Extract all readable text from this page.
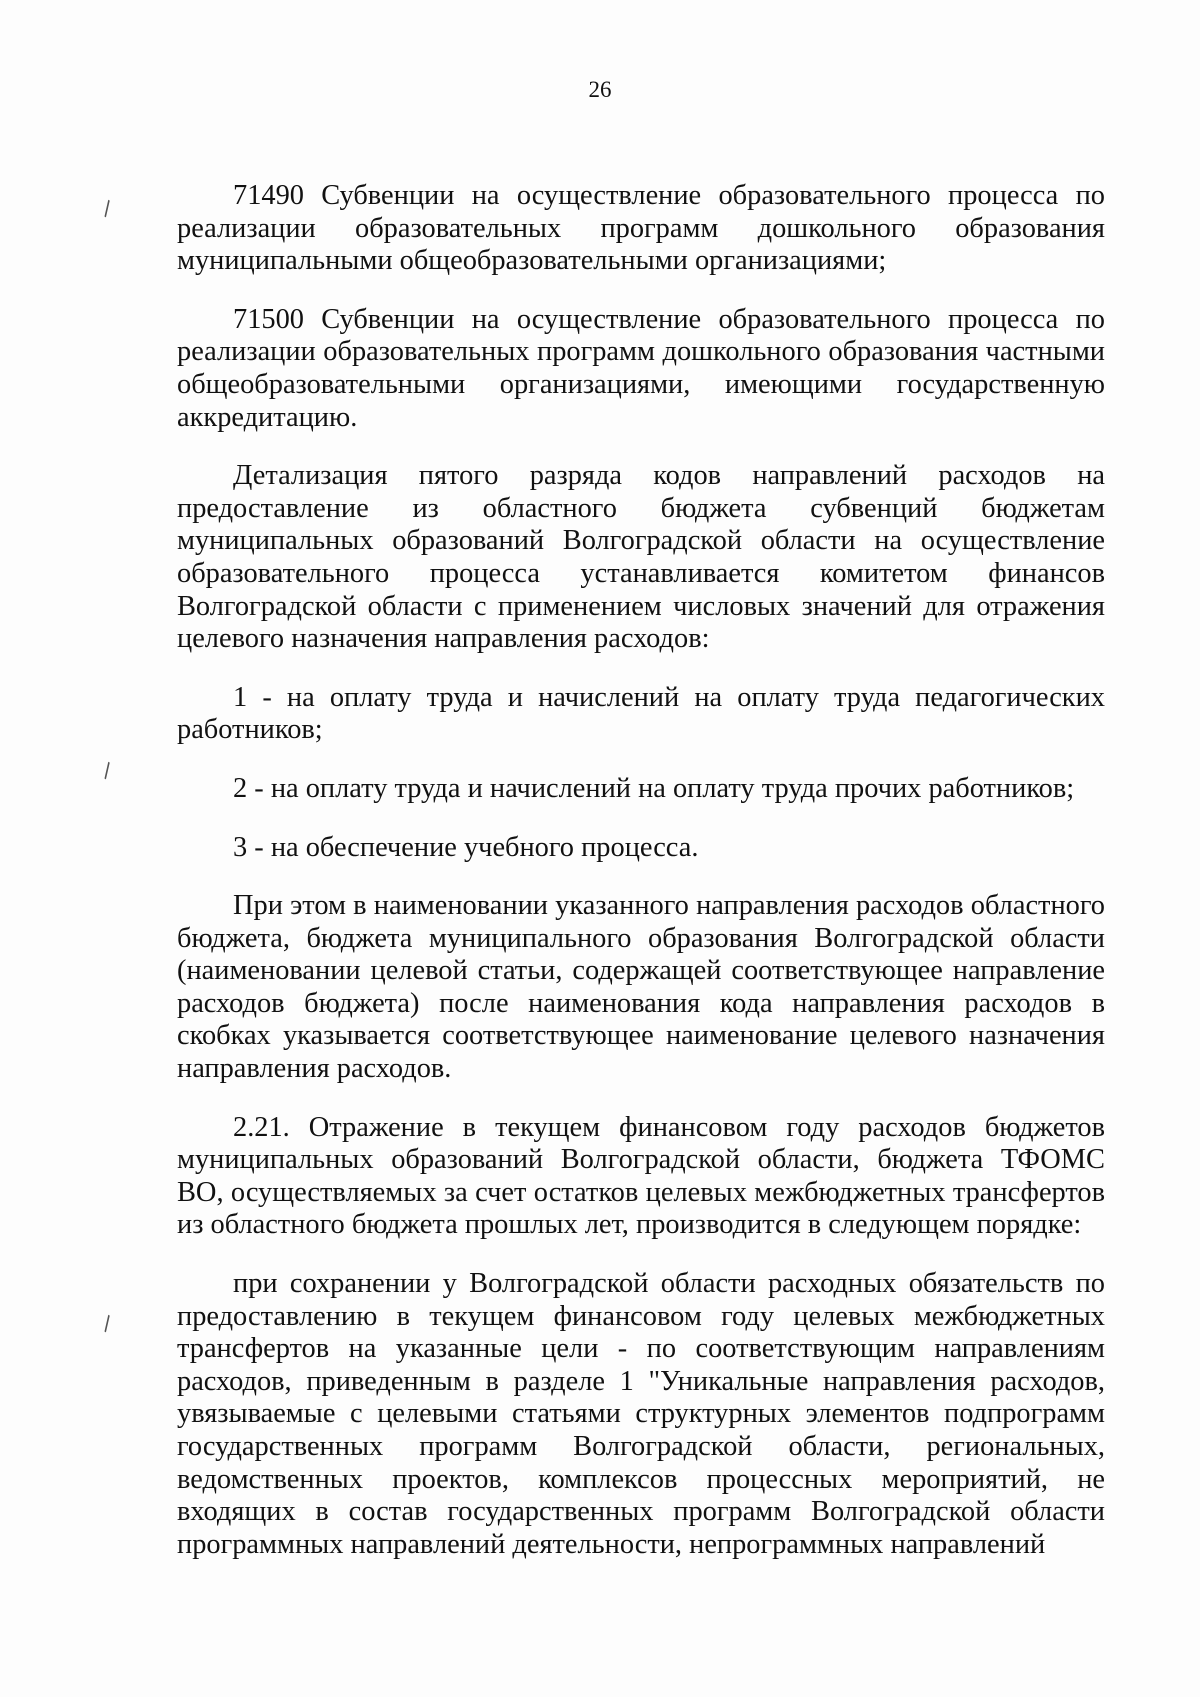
26
\
\
\

71490 Субвенции на осуществление образовательного процесса по реализации образовательных программ дошкольного образования муниципальными общеобразовательными организациями;

71500 Субвенции на осуществление образовательного процесса по реализации образовательных программ дошкольного образования частными общеобразовательными организациями, имеющими государственную аккредитацию.

Детализация пятого разряда кодов направлений расходов на предоставление из областного бюджета субвенций бюджетам муниципальных образований Волгоградской области на осуществление образовательного процесса устанавливается комитетом финансов Волгоградской области с применением числовых значений для отражения целевого назначения направления расходов:

1 - на оплату труда и начислений на оплату труда педагогических работников;

2 - на оплату труда и начислений на оплату труда прочих работников;

3 - на обеспечение учебного процесса.

При этом в наименовании указанного направления расходов областного бюджета, бюджета муниципального образования Волгоградской области (наименовании целевой статьи, содержащей соответствующее направление расходов бюджета) после наименования кода направления расходов в скобках указывается соответствующее наименование целевого назначения направления расходов.

2.21. Отражение в текущем финансовом году расходов бюджетов муниципальных образований Волгоградской области, бюджета ТФОМС ВО, осуществляемых за счет остатков целевых межбюджетных трансфертов из областного бюджета прошлых лет, производится в следующем порядке:

при сохранении у Волгоградской области расходных обязательств по предоставлению в текущем финансовом году целевых межбюджетных трансфертов на указанные цели - по соответствующим направлениям расходов, приведенным в разделе 1 "Уникальные направления расходов, увязываемые с целевыми статьями структурных элементов подпрограмм государственных программ Волгоградской области, региональных, ведомственных проектов, комплексов процессных мероприятий, не входящих в состав государственных программ Волгоградской области программных направлений деятельности, непрограммных направлений
